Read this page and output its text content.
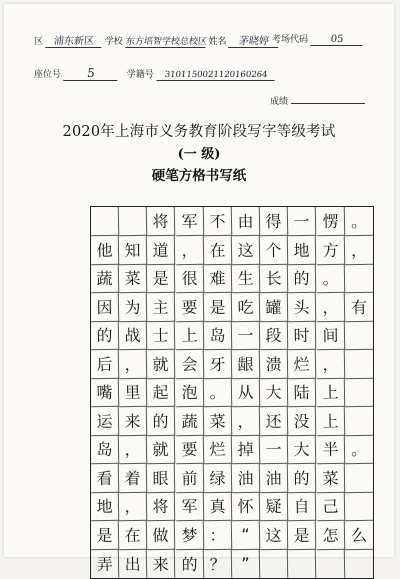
区 浦东新区 学校 东方培智学校总校区 姓名 茅晓婷 考场代码 05
座位号 5	学籍号 3101150021120160264
成绩
2020年上海市义务教育阶段写字等级考试
(一 级)
硬笔方格书写纸
将 军 不 由 得 一 愣 。
他 知 道 ， 在 这 个 地 方 ，
蔬 菜 是 很 难 生 长 的 。
因 为 主 要 是 吃 罐 头 ， 有
的 战 士 上 岛 一 段 时 间
后 ， 就 会 牙 龈 溃 烂 ，
嘴 里 起 泡 。 从 大 陆 上
运 来 的 蔬 菜 ， 还 没 上
岛 ， 就 要 烂 掉 一 大 半 。
看 着 眼 前 绿 油 油 的 菜
地 ， 将 军 真 怀 疑 自 己
是 在 做 梦 ： “ 这 是 怎 么
弄 出 来 的 ？ ”
